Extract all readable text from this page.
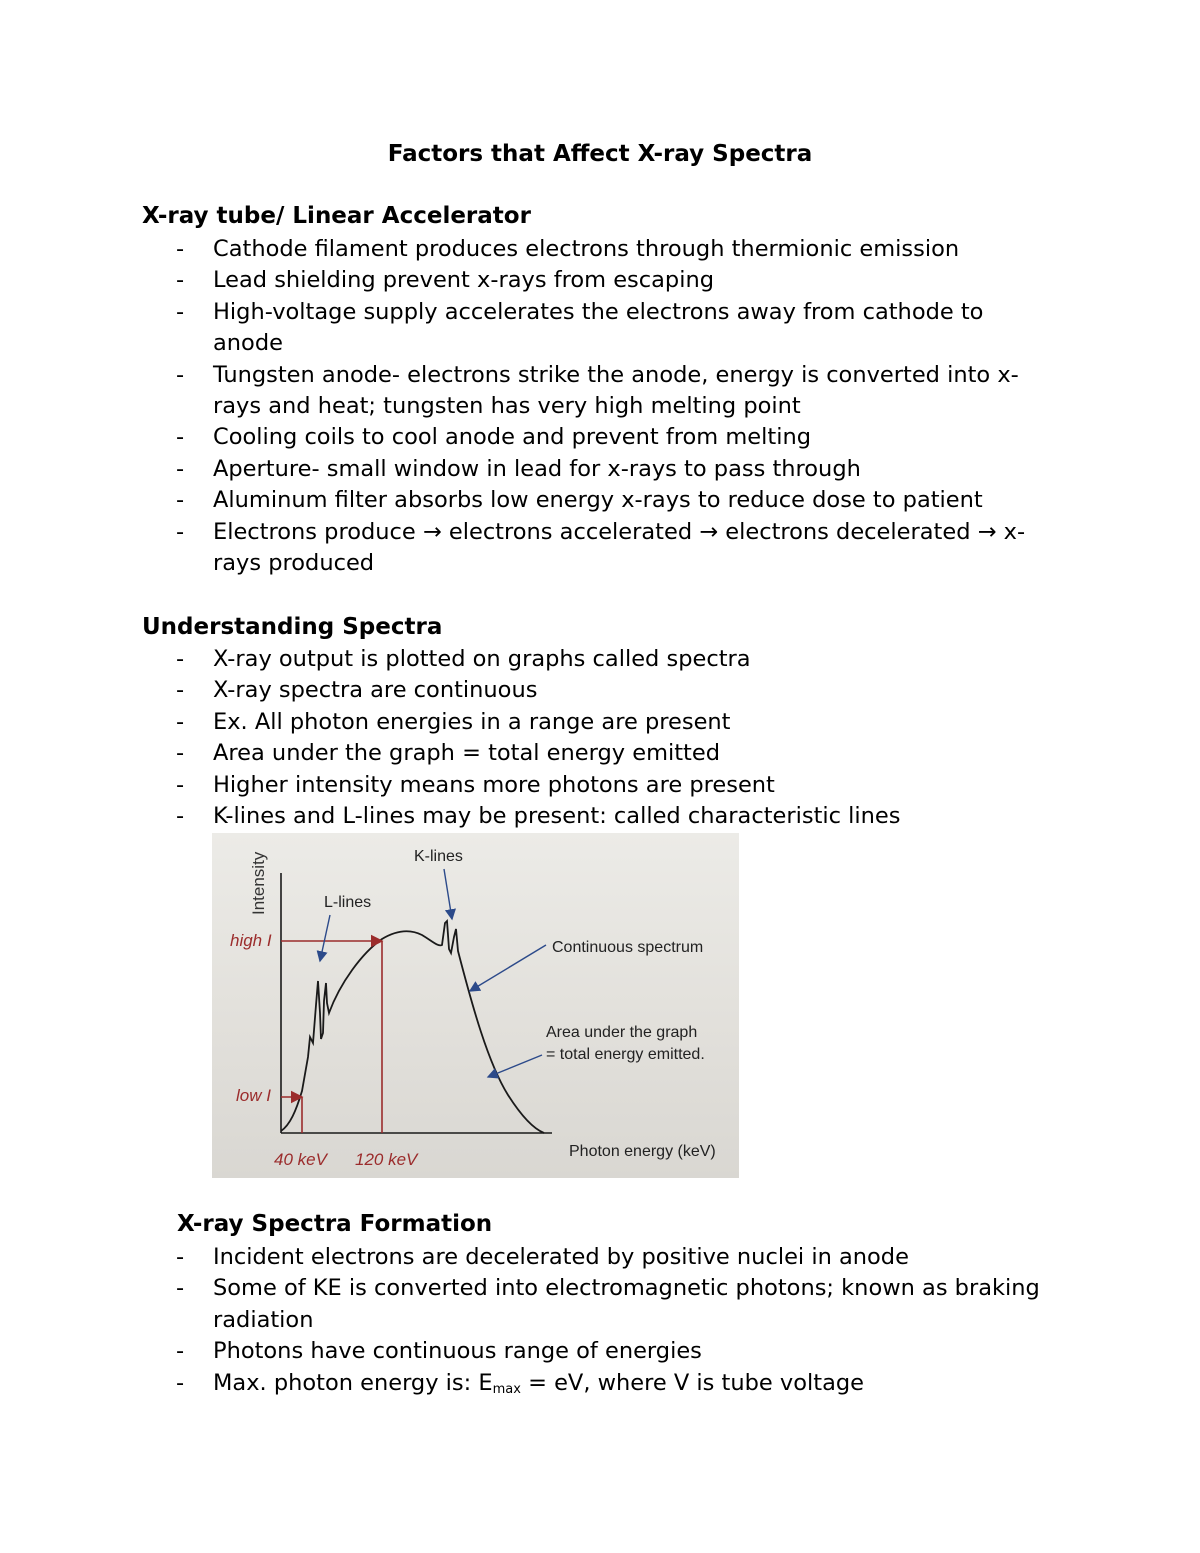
Factors that Affect X-ray Spectra
X-ray tube/ Linear Accelerator
- Cathode filament produces electrons through thermionic emission
- Lead shielding prevent x-rays from escaping
- High-voltage supply accelerates the electrons away from cathode to anode
- Tungsten anode- electrons strike the anode, energy is converted into x-rays and heat; tungsten has very high melting point
- Cooling coils to cool anode and prevent from melting
- Aperture- small window in lead for x-rays to pass through
- Aluminum filter absorbs low energy x-rays to reduce dose to patient
- Electrons produce → electrons accelerated → electrons decelerated → x-rays produced
Understanding Spectra
- X-ray output is plotted on graphs called spectra
- X-ray spectra are continuous
- Ex. All photon energies in a range are present
- Area under the graph = total energy emitted
- Higher intensity means more photons are present
- K-lines and L-lines may be present: called characteristic lines
Intensity
high I
low I
40 keV 120 keV	Photon energy (keV)
L-lines
K-lines
Continuous spectrum
Area under the graph
= total energy emitted.
X-ray Spectra Formation
- Incident electrons are decelerated by positive nuclei in anode
- Some of KE is converted into electromagnetic photons; known as braking radiation
- Photons have continuous range of energies
- Max. photon energy is: $E_{max}$ = eV, where V is tube voltage
